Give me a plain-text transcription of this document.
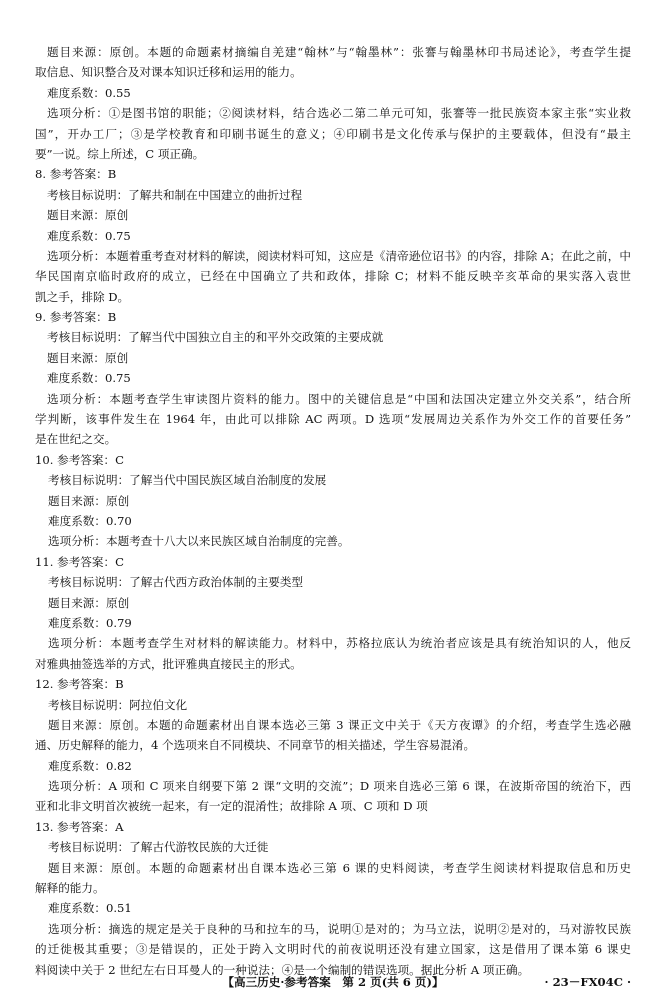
题目来源：原创。本题的命题素材摘编自羌建“翰林”与“翰墨林”：张謇与翰墨林印书局述论》，考查学生提
取信息、知识整合及对课本知识迁移和运用的能力。
难度系数：0.55
选项分析：①是图书馆的职能；②阅读材料，结合选必二第二单元可知，张謇等一批民族资本家主张“实业救
国”，开办工厂；③是学校教育和印刷书诞生的意义；④印刷书是文化传承与保护的主要载体，但没有“最主
要”一说。综上所述，C 项正确。
8. 参考答案：B
考核目标说明：了解共和制在中国建立的曲折过程
题目来源：原创
难度系数：0.75
选项分析：本题着重考查对材料的解读，阅读材料可知，这应是《清帝逊位诏书》的内容，排除 A；在此之前，中
华民国南京临时政府的成立，已经在中国确立了共和政体，排除 C；材料不能反映辛亥革命的果实落入袁世
凯之手，排除 D。
9. 参考答案：B
考核目标说明：了解当代中国独立自主的和平外交政策的主要成就
题目来源：原创
难度系数：0.75
选项分析：本题考查学生审读图片资料的能力。图中的关键信息是“中国和法国决定建立外交关系”，结合所
学判断，该事件发生在 1964 年，由此可以排除 AC 两项。D 选项“发展周边关系作为外交工作的首要任务”
是在世纪之交。
10. 参考答案：C
考核目标说明：了解当代中国民族区域自治制度的发展
题目来源：原创
难度系数：0.70
选项分析：本题考查十八大以来民族区域自治制度的完善。
11. 参考答案：C
考核目标说明：了解古代西方政治体制的主要类型
题目来源：原创
难度系数：0.79
选项分析：本题考查学生对材料的解读能力。材料中，苏格拉底认为统治者应该是具有统治知识的人，他反
对雅典抽签选举的方式，批评雅典直接民主的形式。
12. 参考答案：B
考核目标说明：阿拉伯文化
题目来源：原创。本题的命题素材出自课本选必三第 3 课正文中关于《天方夜谭》的介绍，考查学生选必融
通、历史解释的能力，4 个选项来自不同模块、不同章节的相关描述，学生容易混淆。
难度系数：0.82
选项分析：A 项和 C 项来自纲要下第 2 课“文明的交流”；D 项来自选必三第 6 课，在波斯帝国的统治下，西
亚和北非文明首次被统一起来，有一定的混淆性；故排除 A 项、C 项和 D 项
13. 参考答案：A
考核目标说明：了解古代游牧民族的大迁徙
题目来源：原创。本题的命题素材出自课本选必三第 6 课的史料阅读，考查学生阅读材料提取信息和历史
解释的能力。
难度系数：0.51
选项分析：摘选的规定是关于良种的马和拉车的马，说明①是对的；为马立法，说明②是对的，马对游牧民族
的迁徙极其重要；③是错误的，正处于跨入文明时代的前夜说明还没有建立国家，这是借用了课本第 6 课史
料阅读中关于 2 世纪左右日耳曼人的一种说法；④是一个编制的错误选项。据此分析 A 项正确。
【高三历史·参考答案　第 2 页(共 6 页)】	· 23－FX04C ·
